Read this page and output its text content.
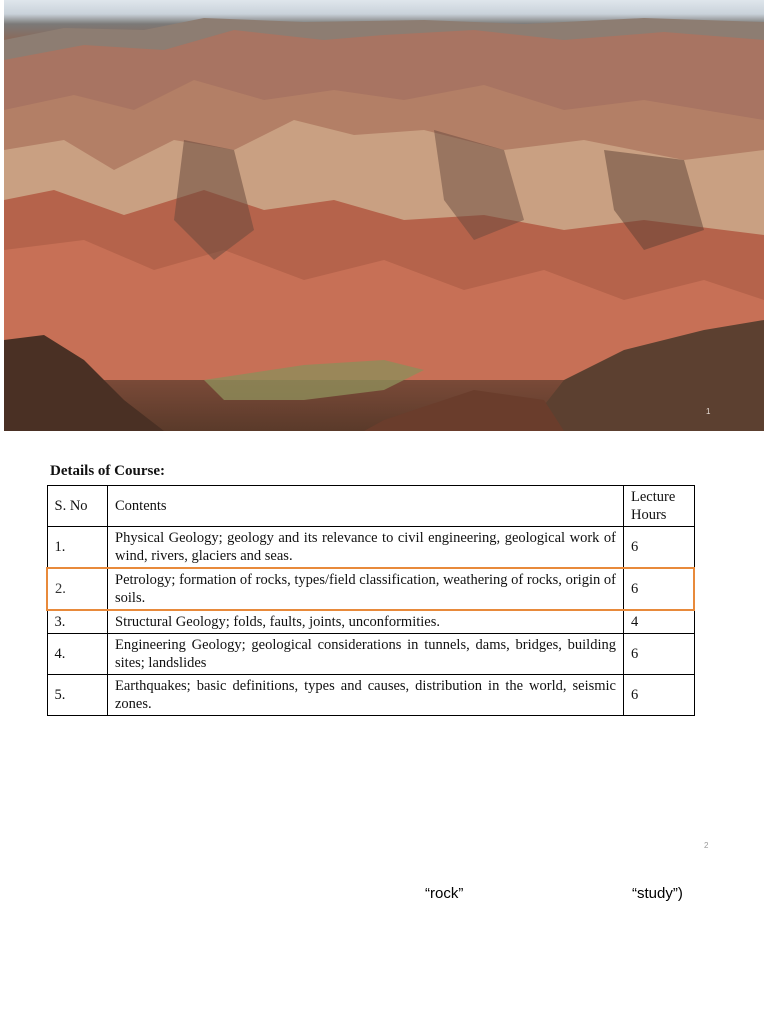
1
Details of Course:
S. No	Contents	Lecture Hours
1.	Physical Geology; geology and its relevance to civil engineering, geological work of wind, rivers, glaciers and seas.	6
2.	Petrology; formation of rocks, types/field classification, weathering of rocks, origin of soils.	6
3.	Structural Geology; folds, faults, joints, unconformities.	4
4.	Engineering Geology; geological considerations in tunnels, dams, bridges, building sites; landslides	6
5.	Earthquakes; basic definitions, types and causes, distribution in the world, seismic zones.	6
2
“rock”	“study”)
